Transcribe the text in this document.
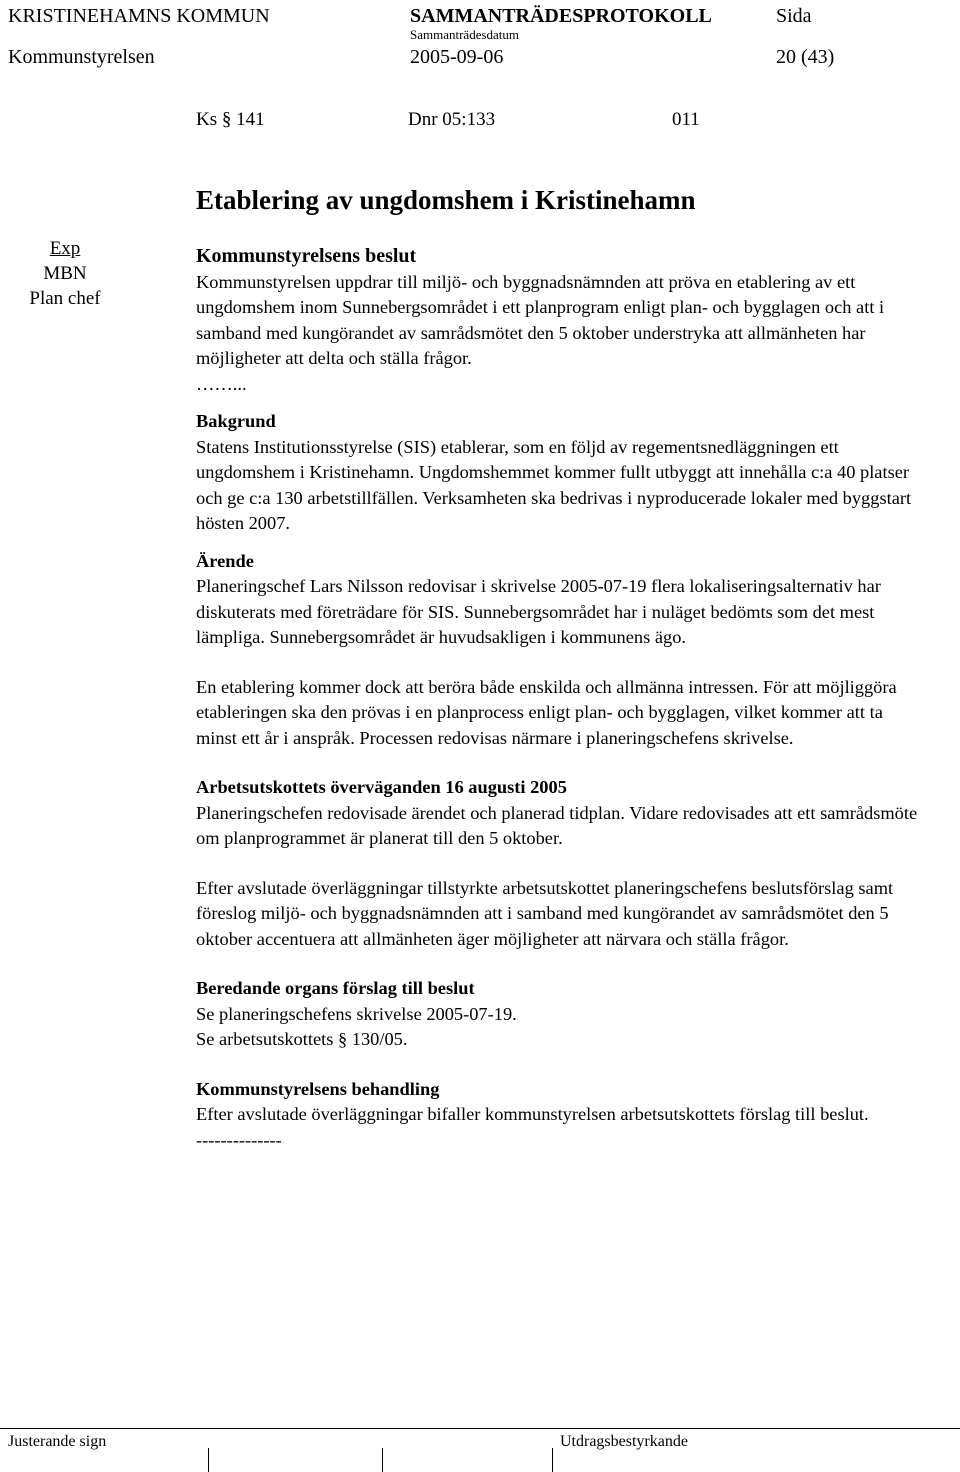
KRISTINEHAMNS KOMMUN	SAMMANTRÄDESPROTOKOLL	Sida
Sammanträdesdatum
Kommunstyrelsen	2005-09-06	20 (43)
Ks § 141	Dnr 05:133	011
Etablering av ungdomshem i Kristinehamn
Exp
MBN
Plan chef

Kommunstyrelsens beslut

Kommunstyrelsen uppdrar till miljö- och byggnadsnämnden att pröva en etablering av ett ungdomshem inom Sunnebergsområdet i ett planprogram enligt plan- och bygglagen och att i samband med kungörandet av samrådsmötet den 5 oktober understryka att allmänheten har möjligheter att delta och ställa frågor.

……...

Bakgrund

Statens Institutionsstyrelse (SIS) etablerar, som en följd av regementsnedläggningen ett ungdomshem i Kristinehamn. Ungdomshemmet kommer fullt utbyggt att innehålla c:a 40 platser och ge c:a 130 arbetstillfällen. Verksamheten ska bedrivas i nyproducerade lokaler med byggstart hösten 2007.

Ärende

Planeringschef Lars Nilsson redovisar i skrivelse 2005-07-19 flera lokaliseringsalternativ har diskuterats med företrädare för SIS. Sunnebergsområdet har i nuläget bedömts som det mest lämpliga. Sunnebergsområdet är huvudsakligen i kommunens ägo.

En etablering kommer dock att beröra både enskilda och allmänna intressen. För att möjliggöra etableringen ska den prövas i en planprocess enligt plan- och bygglagen, vilket kommer att ta minst ett år i anspråk. Processen redovisas närmare i planeringschefens skrivelse.

Arbetsutskottets överväganden 16 augusti 2005

Planeringschefen redovisade ärendet och planerad tidplan. Vidare redovisades att ett samrådsmöte om planprogrammet är planerat till den 5 oktober.

Efter avslutade överläggningar tillstyrkte arbetsutskottet planeringschefens beslutsförslag samt föreslog miljö- och byggnadsnämnden att i samband med kungörandet av samrådsmötet den 5 oktober accentuera att allmänheten äger möjligheter att närvara och ställa frågor.

Beredande organs förslag till beslut

Se planeringschefens skrivelse 2005-07-19.

Se arbetsutskottets § 130/05.

Kommunstyrelsens behandling

Efter avslutade överläggningar bifaller kommunstyrelsen arbetsutskottets förslag till beslut.

--------------

Justerande sign	Utdragsbestyrkande
